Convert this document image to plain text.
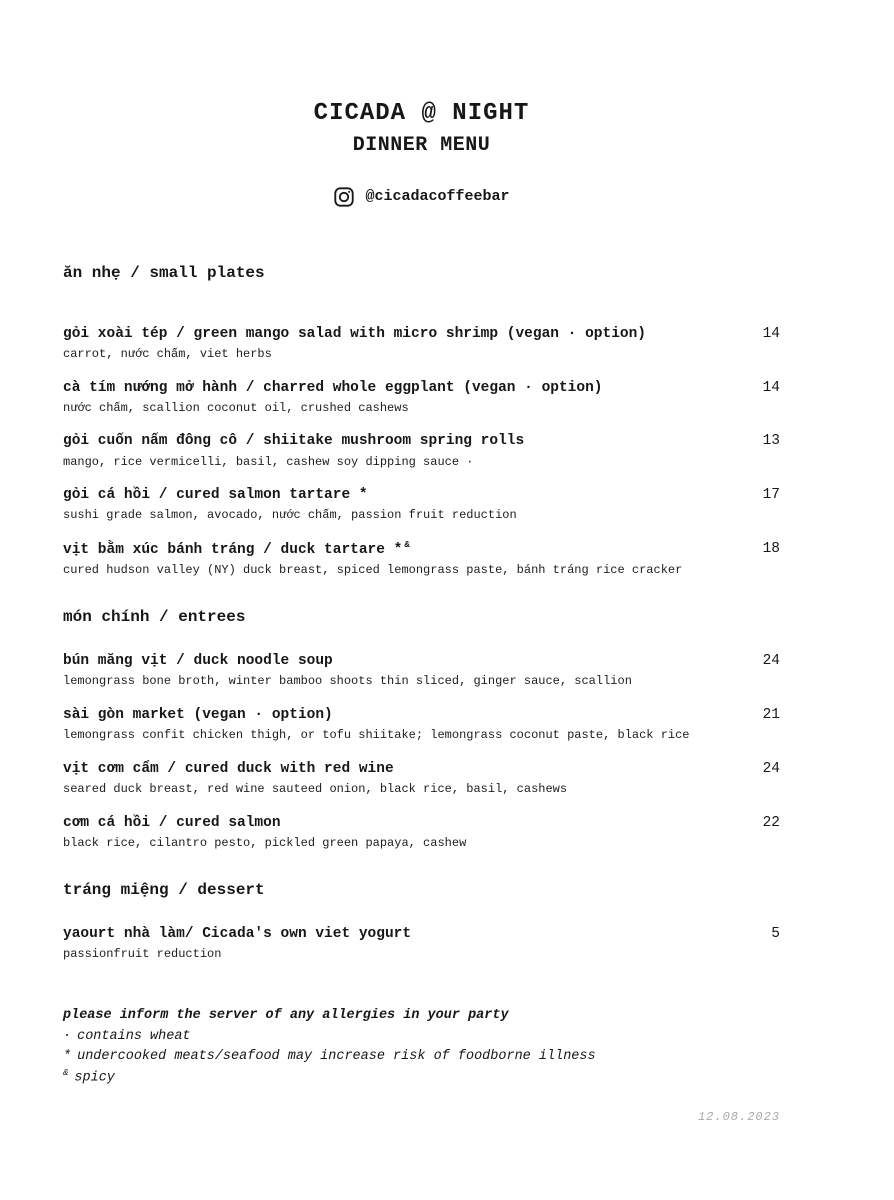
CICADA @ NIGHT
DINNER MENU
@cicadacoffeebar
ăn nhẹ / small plates
gỏi xoài tép / green mango salad with micro shrimp (vegan · option)
carrot, nước chấm, viet herbs
14
cà tím nướng mở hành / charred whole eggplant (vegan · option)
nước chấm, scallion coconut oil, crushed cashews
14
gỏi cuốn nấm đông cô / shiitake mushroom spring rolls
mango, rice vermicelli, basil, cashew soy dipping sauce ·
13
gỏi cá hồi / cured salmon tartare *
sushi grade salmon, avocado, nước chấm, passion fruit reduction
17
vịt bằm xúc bánh tráng / duck tartare * &
cured hudson valley (NY) duck breast, spiced lemongrass paste, bánh tráng rice cracker
18
món chính / entrees
bún măng vịt / duck noodle soup
lemongrass bone broth, winter bamboo shoots thin sliced, ginger sauce, scallion
24
sài gòn market (vegan · option)
lemongrass confit chicken thigh, or tofu shiitake; lemongrass coconut paste, black rice
21
vịt cơm cẩm / cured duck with red wine
seared duck breast, red wine sauteed onion, black rice, basil, cashews
24
cơm cá hồi / cured salmon
black rice, cilantro pesto, pickled green papaya, cashew
22
tráng miệng / dessert
yaourt nhà làm/ Cicada's own viet yogurt
passionfruit reduction
5
please inform the server of any allergies in your party
· contains wheat
* undercooked meats/seafood may increase risk of foodborne illness
& spicy
12.08.2023
